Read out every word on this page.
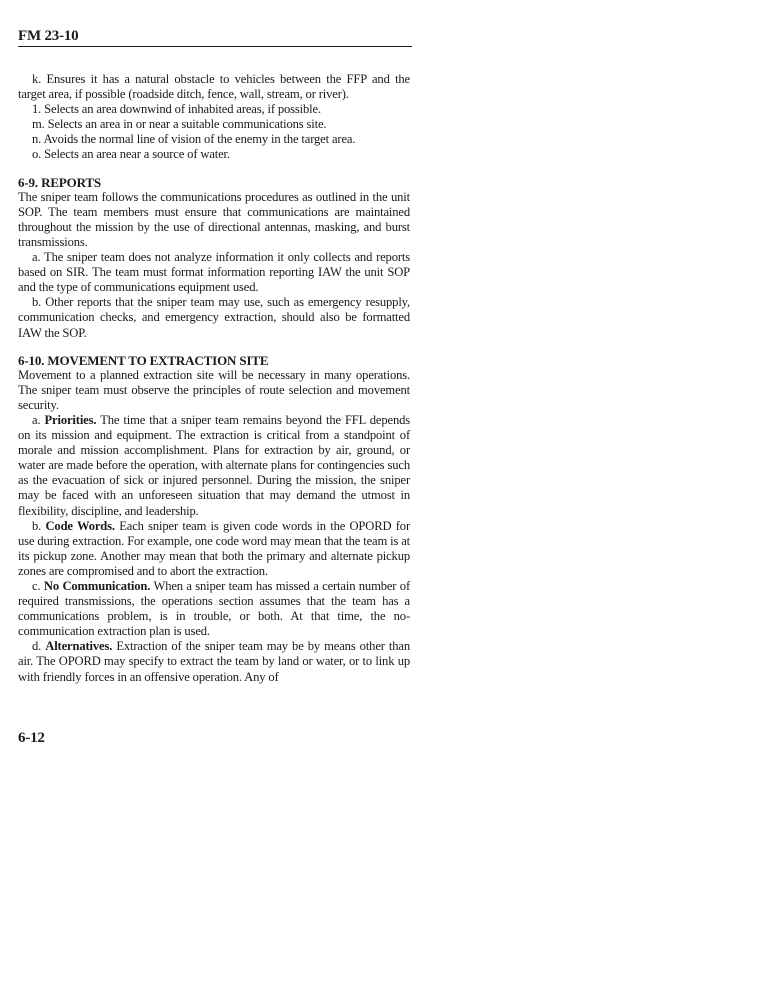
FM 23-10

k. Ensures it has a natural obstacle to vehicles between the FFP and the target area, if possible (roadside ditch, fence, wall, stream, or river).

1. Selects an area downwind of inhabited areas, if possible.

m. Selects an area in or near a suitable communications site.

n. Avoids the normal line of vision of the enemy in the target area.

o. Selects an area near a source of water.

6-9. REPORTS

The sniper team follows the communications procedures as outlined in the unit SOP. The team members must ensure that communications are maintained throughout the mission by the use of directional antennas, masking, and burst transmissions.

a. The sniper team does not analyze information it only collects and reports based on SIR. The team must format information reporting IAW the unit SOP and the type of communications equipment used.

b. Other reports that the sniper team may use, such as emergency resupply, communication checks, and emergency extraction, should also be formatted IAW the SOP.

6-10. MOVEMENT TO EXTRACTION SITE

Movement to a planned extraction site will be necessary in many operations. The sniper team must observe the principles of route selection and movement security.

a. Priorities. The time that a sniper team remains beyond the FFL depends on its mission and equipment. The extraction is critical from a standpoint of morale and mission accomplishment. Plans for extraction by air, ground, or water are made before the operation, with alternate plans for contingencies such as the evacuation of sick or injured personnel. During the mission, the sniper may be faced with an unforeseen situation that may demand the utmost in flexibility, discipline, and leadership.

b. Code Words. Each sniper team is given code words in the OPORD for use during extraction. For example, one code word may mean that the team is at its pickup zone. Another may mean that both the primary and alternate pickup zones are compromised and to abort the extraction.

c. No Communication. When a sniper team has missed a certain number of required transmissions, the operations section assumes that the team has a communications problem, is in trouble, or both. At that time, the no-communication extraction plan is used.

d. Alternatives. Extraction of the sniper team may be by means other than air. The OPORD may specify to extract the team by land or water, or to link up with friendly forces in an offensive operation. Any of

6-12
